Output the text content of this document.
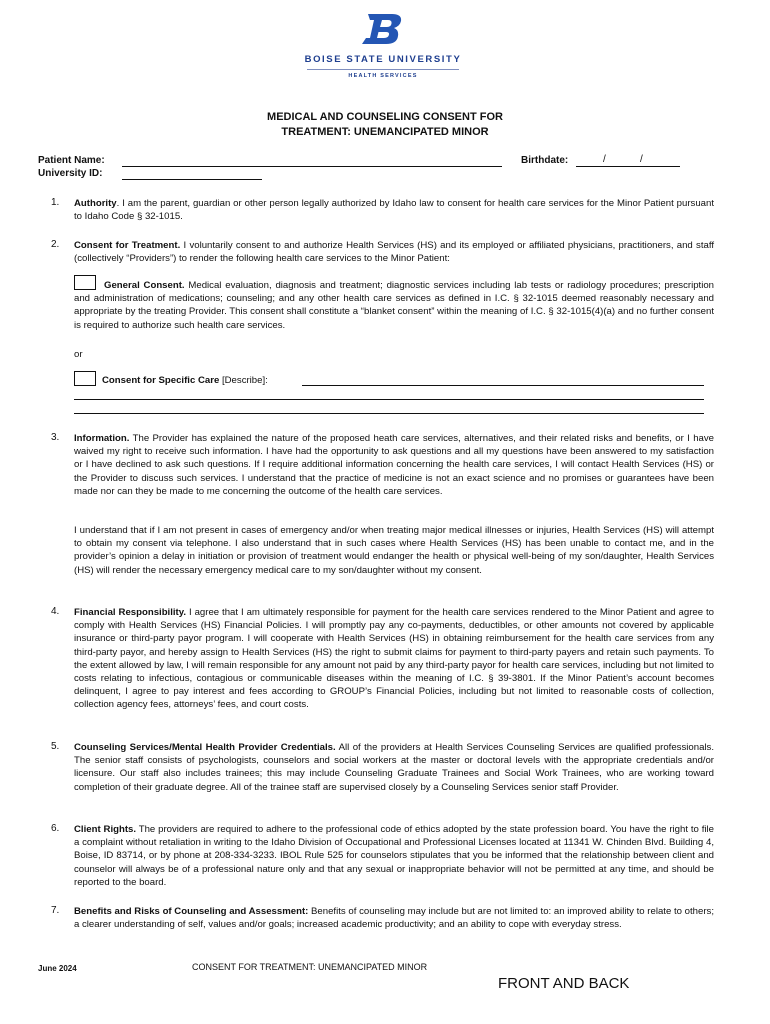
BOISE STATE UNIVERSITY
HEALTH SERVICES
MEDICAL AND COUNSELING CONSENT FOR
TREATMENT: UNEMANCIPATED MINOR
Patient Name:
University ID:
Birthdate:	/	/
1. Authority. I am the parent, guardian or other person legally authorized by Idaho law to consent for health care services for the Minor Patient pursuant to Idaho Code § 32-1015.
2. Consent for Treatment. I voluntarily consent to and authorize Health Services (HS) and its employed or affiliated physicians, practitioners, and staff (collectively “Providers”) to render the following health care services to the Minor Patient:
General Consent. Medical evaluation, diagnosis and treatment; diagnostic services including lab tests or radiology procedures; prescription and administration of medications; counseling; and any other health care services as defined in I.C. § 32-1015 deemed reasonably necessary and appropriate by the treating Provider. This consent shall constitute a “blanket consent” within the meaning of I.C. § 32-1015(4)(a) and no further consent is required to authorize such health care services.
or
Consent for Specific Care [Describe]:
3. Information. The Provider has explained the nature of the proposed heath care services, alternatives, and their related risks and benefits, or I have waived my right to receive such information. I have had the opportunity to ask questions and all my questions have been answered to my satisfaction or I have declined to ask such questions. If I require additional information concerning the health care services, I will contact Health Services (HS) or the Provider to discuss such services. I understand that the practice of medicine is not an exact science and no promises or guarantees have been made nor can they be made to me concerning the outcome of the health care services.
I understand that if I am not present in cases of emergency and/or when treating major medical illnesses or injuries, Health Services (HS) will attempt to obtain my consent via telephone. I also understand that in such cases where Health Services (HS) has been unable to contact me, and in the provider’s opinion a delay in initiation or provision of treatment would endanger the health or physical well-being of my son/daughter, Health Services (HS) will render the necessary emergency medical care to my son/daughter without my consent.
4. Financial Responsibility. I agree that I am ultimately responsible for payment for the health care services rendered to the Minor Patient and agree to comply with Health Services (HS) Financial Policies. I will promptly pay any co-payments, deductibles, or other amounts not covered by applicable insurance or third-party payor program. I will cooperate with Health Services (HS) in obtaining reimbursement for the health care services from any third-party payor, and hereby assign to Health Services (HS) the right to submit claims for payment to third-party payers and retain such payments. To the extent allowed by law, I will remain responsible for any amount not paid by any third-party payor for health care services, including but not limited to costs relating to infectious, contagious or communicable diseases within the meaning of I.C. § 39-3801. If the Minor Patient’s account becomes delinquent, I agree to pay interest and fees according to GROUP’s Financial Policies, including but not limited to reasonable costs of collection, collection agency fees, attorneys’ fees, and court costs.
5. Counseling Services/Mental Health Provider Credentials. All of the providers at Health Services Counseling Services are qualified professionals. The senior staff consists of psychologists, counselors and social workers at the master or doctoral levels with the appropriate credentials and/or licensure. Our staff also includes trainees; this may include Counseling Graduate Trainees and Social Work Trainees, who are working toward completion of their graduate degree. All of the trainee staff are supervised closely by a Counseling Services senior staff Provider.
6. Client Rights. The providers are required to adhere to the professional code of ethics adopted by the state profession board. You have the right to file a complaint without retaliation in writing to the Idaho Division of Occupational and Professional Licenses located at 11341 W. Chinden Blvd. Building 4, Boise, ID 83714, or by phone at 208-334-3233. IBOL Rule 525 for counselors stipulates that you be informed that the relationship between client and counselor will always be of a professional nature only and that any sexual or inappropriate behavior will not be permitted at any time, and should be reported to the board.
7. Benefits and Risks of Counseling and Assessment: Benefits of counseling may include but are not limited to: an improved ability to relate to others; a clearer understanding of self, values and/or goals; increased academic productivity; and an ability to cope with everyday stress.
June 2024	CONSENT FOR TREATMENT: UNEMANCIPATED MINOR
FRONT AND BACK
